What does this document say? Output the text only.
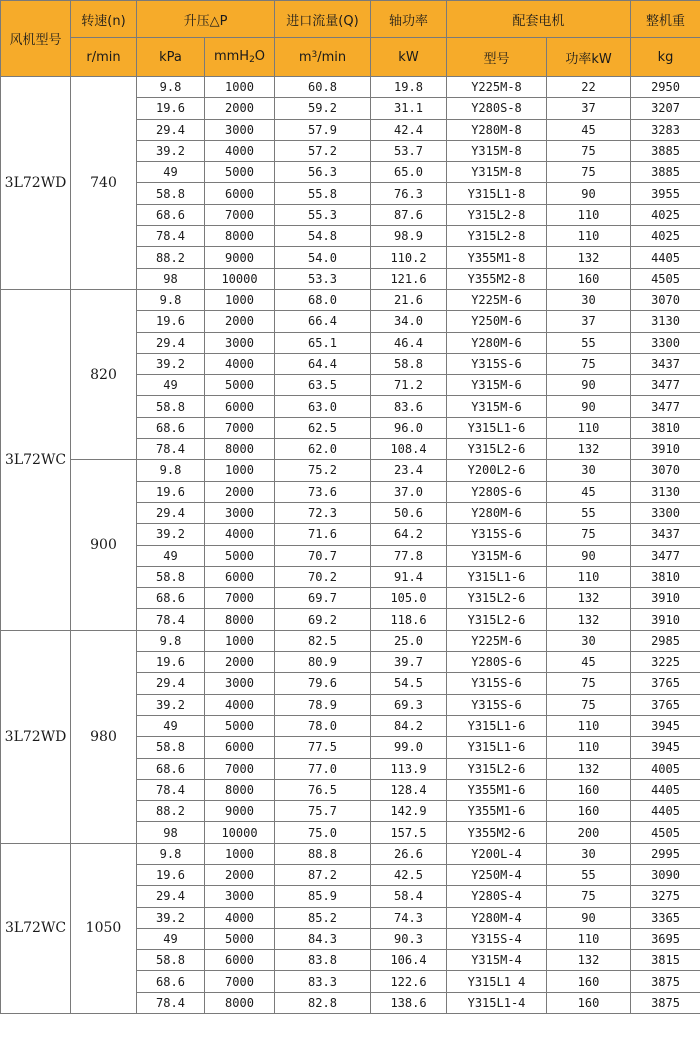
风机型号	转速(n)	升压△P		进口流量(Q)	轴功率	配套电机		整机重
	r/min	kPa	mmH$_2$O	$m^3/\min$	kW	型号	功率kW	kg
3L72WD	740	9.8	1000	60.8	19.8	Y225M-8	22	2950
		19.6	2000	59.2	31.1	Y280S-8	37	3207
		29.4	3000	57.9	42.4	Y280M-8	45	3283
		39.2	4000	57.2	53.7	Y315M-8	75	3885
		49	5000	56.3	65.0	Y315M-8	75	3885
		58.8	6000	55.8	76.3	Y315L1-8	90	3955
		68.6	7000	55.3	87.6	Y315L2-8	110	4025
		78.4	8000	54.8	98.9	Y315L2-8	110	4025
		88.2	9000	54.0	110.2	Y355M1-8	132	4405
		98	10000	53.3	121.6	Y355M2-8	160	4505
3L72WC	820	9.8	1000	68.0	21.6	Y225M-6	30	3070
		19.6	2000	66.4	34.0	Y250M-6	37	3130
		29.4	3000	65.1	46.4	Y280M-6	55	3300
		39.2	4000	64.4	58.8	Y315S-6	75	3437
		49	5000	63.5	71.2	Y315M-6	90	3477
		58.8	6000	63.0	83.6	Y315M-6	90	3477
		68.6	7000	62.5	96.0	Y315L1-6	110	3810
		78.4	8000	62.0	108.4	Y315L2-6	132	3910
	900	9.8	1000	75.2	23.4	Y200L2-6	30	3070
		19.6	2000	73.6	37.0	Y280S-6	45	3130
		29.4	3000	72.3	50.6	Y280M-6	55	3300
		39.2	4000	71.6	64.2	Y315S-6	75	3437
		49	5000	70.7	77.8	Y315M-6	90	3477
		58.8	6000	70.2	91.4	Y315L1-6	110	3810
		68.6	7000	69.7	105.0	Y315L2-6	132	3910
		78.4	8000	69.2	118.6	Y315L2-6	132	3910
3L72WD	980	9.8	1000	82.5	25.0	Y225M-6	30	2985
		19.6	2000	80.9	39.7	Y280S-6	45	3225
		29.4	3000	79.6	54.5	Y315S-6	75	3765
		39.2	4000	78.9	69.3	Y315S-6	75	3765
		49	5000	78.0	84.2	Y315L1-6	110	3945
		58.8	6000	77.5	99.0	Y315L1-6	110	3945
		68.6	7000	77.0	113.9	Y315L2-6	132	4005
		78.4	8000	76.5	128.4	Y355M1-6	160	4405
		88.2	9000	75.7	142.9	Y355M1-6	160	4405
		98	10000	75.0	157.5	Y355M2-6	200	4505
3L72WC	1050	9.8	1000	88.8	26.6	Y200L-4	30	2995
		19.6	2000	87.2	42.5	Y250M-4	55	3090
		29.4	3000	85.9	58.4	Y280S-4	75	3275
		39.2	4000	85.2	74.3	Y280M-4	90	3365
		49	5000	84.3	90.3	Y315S-4	110	3695
		58.8	6000	83.8	106.4	Y315M-4	132	3815
		68.6	7000	83.3	122.6	Y315L1 4	160	3875
		78.4	8000	82.8	138.6	Y315L1-4	160	3875
